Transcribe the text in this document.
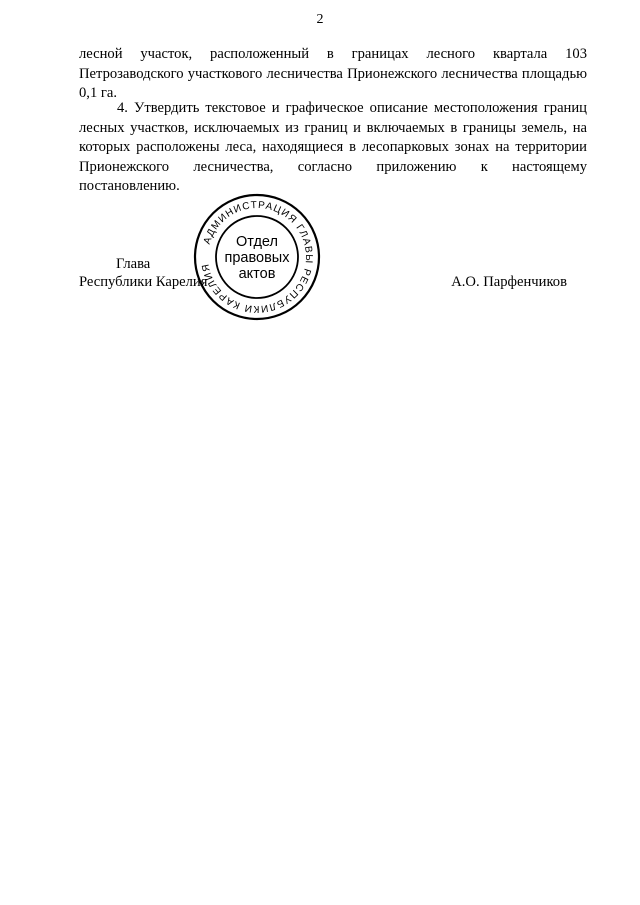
2

лесной участок, расположенный в границах лесного квартала 103 Петрозаводского участкового лесничества Прионежского лесничества площадью 0,1 га.

4. Утвердить текстовое и графическое описание местоположения границ лесных участков, исключаемых из границ и включаемых в границы земель, на которых расположены леса, находящиеся в лесопарковых зонах на территории Прионежского лесничества, согласно приложению к настоящему постановлению.

АДМИНИСТРАЦИЯ ГЛАВЫ РЕСПУБЛИКИ КАРЕЛИЯ
Отдел
правовых
актов
Глава
Республики Карелия	А.О. Парфенчиков
